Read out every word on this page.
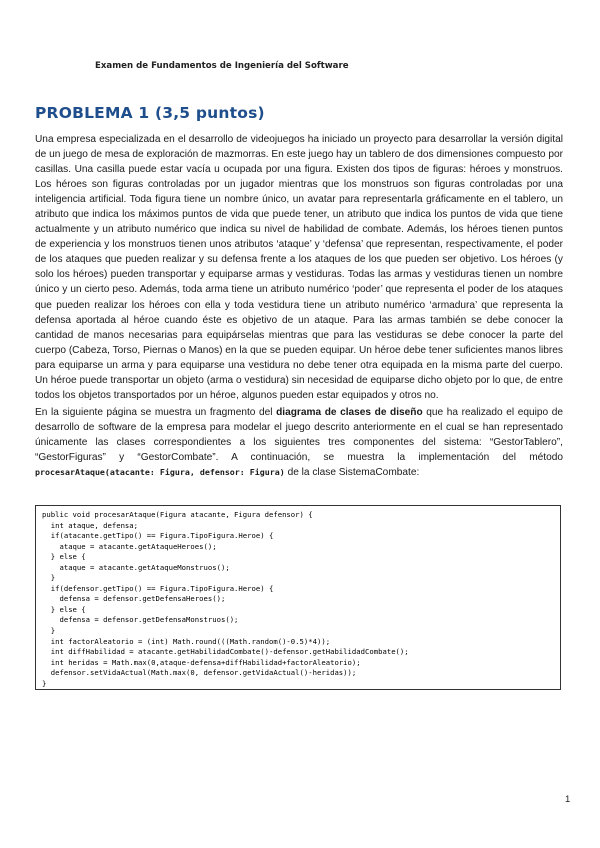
Examen de Fundamentos de Ingeniería del Software
PROBLEMA 1 (3,5 puntos)

Una empresa especializada en el desarrollo de videojuegos ha iniciado un proyecto para desarrollar la versión digital de un juego de mesa de exploración de mazmorras. En este juego hay un tablero de dos dimensiones compuesto por casillas. Una casilla puede estar vacía u ocupada por una figura. Existen dos tipos de figuras: héroes y monstruos. Los héroes son figuras controladas por un jugador mientras que los monstruos son figuras controladas por una inteligencia artificial. Toda figura tiene un nombre único, un avatar para representarla gráficamente en el tablero, un atributo que indica los máximos puntos de vida que puede tener, un atributo que indica los puntos de vida que tiene actualmente y un atributo numérico que indica su nivel de habilidad de combate. Además, los héroes tienen puntos de experiencia y los monstruos tienen unos atributos ‘ataque’ y ‘defensa’ que representan, respectivamente, el poder de los ataques que pueden realizar y su defensa frente a los ataques de los que pueden ser objetivo. Los héroes (y solo los héroes) pueden transportar y equiparse armas y vestiduras. Todas las armas y vestiduras tienen un nombre único y un cierto peso. Además, toda arma tiene un atributo numérico ‘poder’ que representa el poder de los ataques que pueden realizar los héroes con ella y toda vestidura tiene un atributo numérico ‘armadura’ que representa la defensa aportada al héroe cuando éste es objetivo de un ataque. Para las armas también se debe conocer la cantidad de manos necesarias para equipárselas mientras que para las vestiduras se debe conocer la parte del cuerpo (Cabeza, Torso, Piernas o Manos) en la que se pueden equipar. Un héroe debe tener suficientes manos libres para equiparse un arma y para equiparse una vestidura no debe tener otra equipada en la misma parte del cuerpo. Un héroe puede transportar un objeto (arma o vestidura) sin necesidad de equiparse dicho objeto por lo que, de entre todos los objetos transportados por un héroe, algunos pueden estar equipados y otros no.

En la siguiente página se muestra un fragmento del diagrama de clases de diseño que ha realizado el equipo de desarrollo de software de la empresa para modelar el juego descrito anteriormente en el cual se han representado únicamente las clases correspondientes a los siguientes tres componentes del sistema: “GestorTablero”, “GestorFiguras” y “GestorCombate”. A continuación, se muestra la implementación del método procesarAtaque(atacante: Figura, defensor: Figura) de la clase SistemaCombate:

public void procesarAtaque(Figura atacante, Figura defensor) {
int ataque, defensa;
if(atacante.getTipo() == Figura.TipoFigura.Heroe) {
ataque = atacante.getAtaqueHeroes();
} else {
ataque = atacante.getAtaqueMonstruos();
}
if(defensor.getTipo() == Figura.TipoFigura.Heroe) {
defensa = defensor.getDefensaHeroes();
} else {
defensa = defensor.getDefensaMonstruos();
}
int factorAleatorio = (int) Math.round(((Math.random()-0.5)*4));
int diffHabilidad = atacante.getHabilidadCombate()-defensor.getHabilidadCombate();
int heridas = Math.max(0,ataque-defensa+diffHabilidad+factorAleatorio);
defensor.setVidaActual(Math.max(0, defensor.getVidaActual()-heridas));
}
1
